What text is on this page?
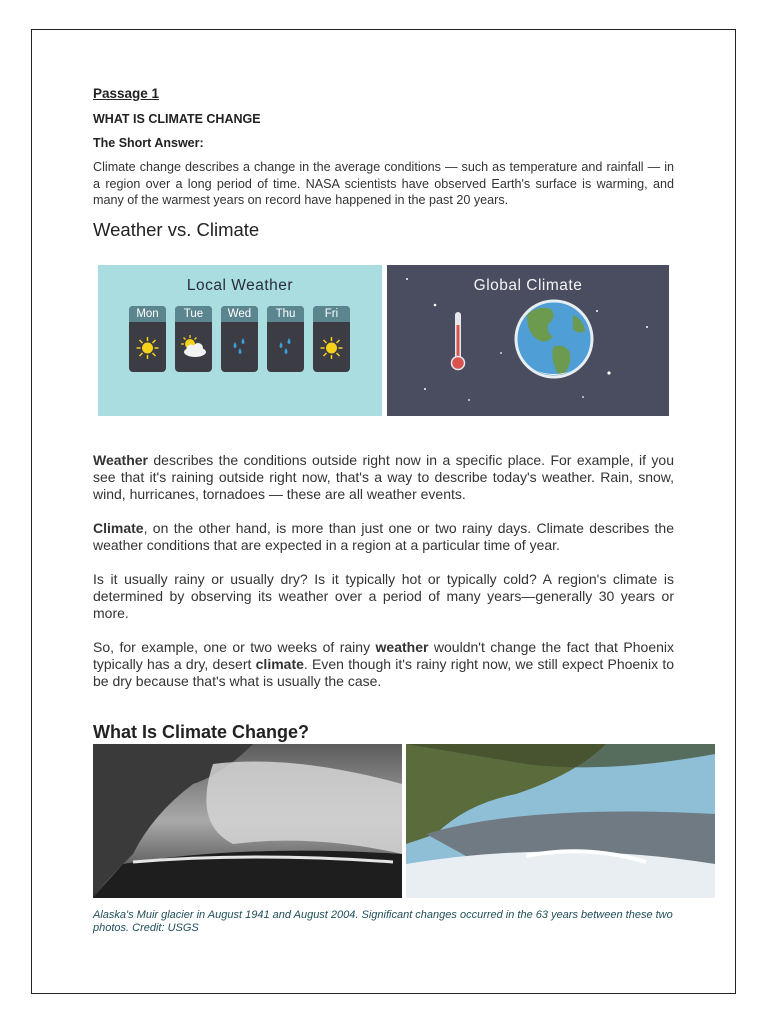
Passage 1
WHAT IS CLIMATE CHANGE
The Short Answer:

Climate change describes a change in the average conditions — such as temperature and rainfall — in a region over a long period of time. NASA scientists have observed Earth's surface is warming, and many of the warmest years on record have happened in the past 20 years.

Weather vs. Climate
Local Weather
Mon	Tue	Wed	Thu	Fri
Global Climate

Weather describes the conditions outside right now in a specific place. For example, if you see that it's raining outside right now, that's a way to describe today's weather. Rain, snow, wind, hurricanes, tornadoes — these are all weather events.

Climate, on the other hand, is more than just one or two rainy days. Climate describes the weather conditions that are expected in a region at a particular time of year.

Is it usually rainy or usually dry? Is it typically hot or typically cold? A region's climate is determined by observing its weather over a period of many years—generally 30 years or more.

So, for example, one or two weeks of rainy weather wouldn't change the fact that Phoenix typically has a dry, desert climate. Even though it's rainy right now, we still expect Phoenix to be dry because that's what is usually the case.

What Is Climate Change?
Alaska's Muir glacier in August 1941 and August 2004. Significant changes occurred in the 63 years between these two photos. Credit: USGS
